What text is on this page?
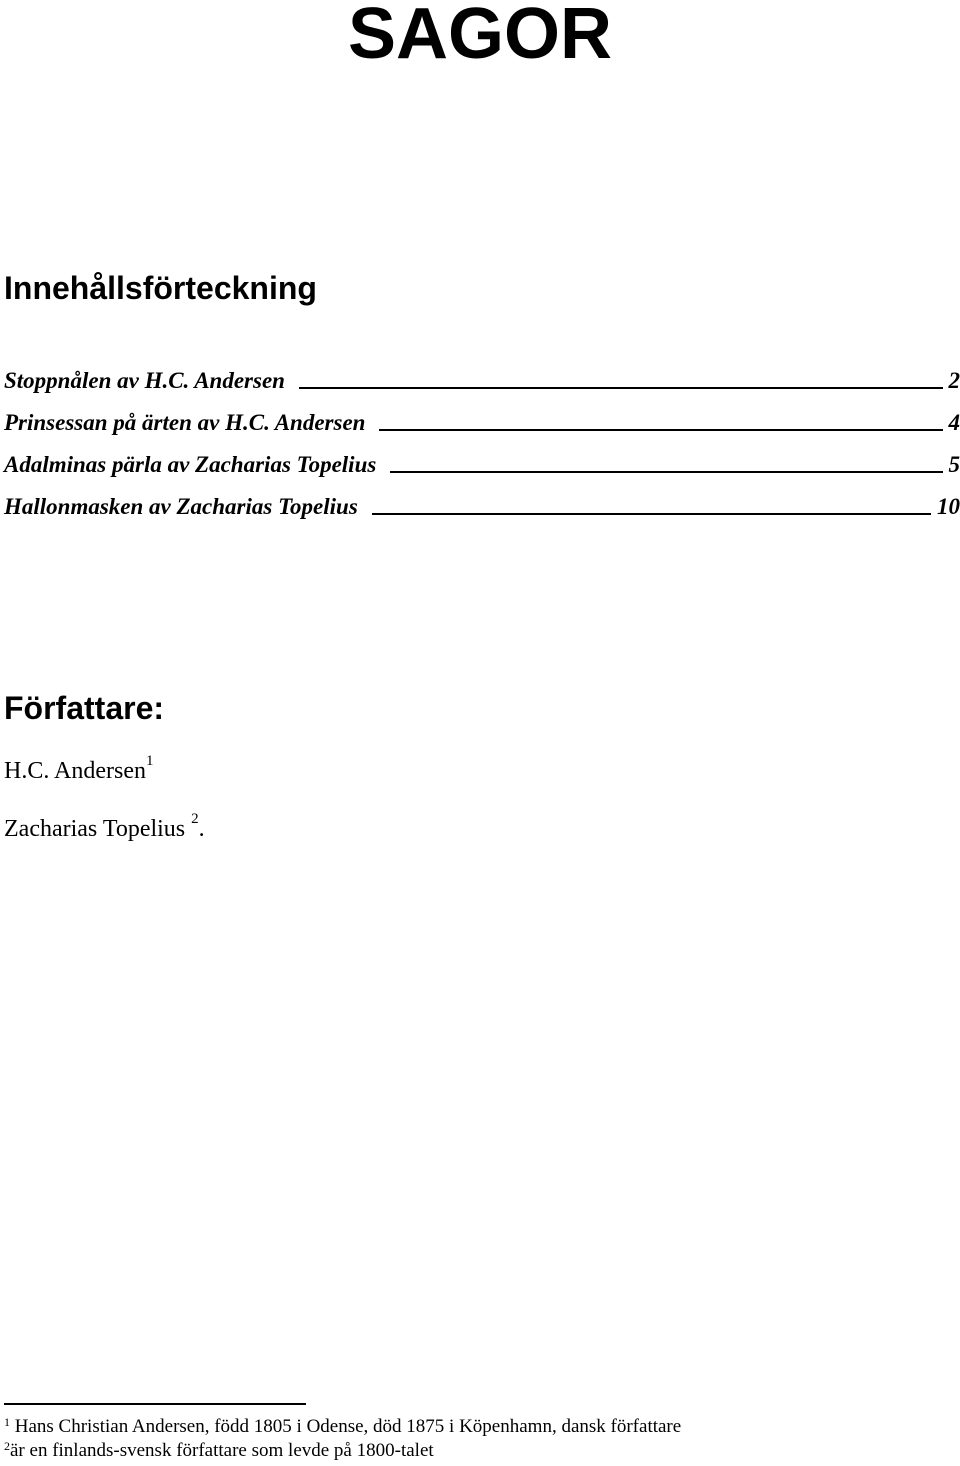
SAGOR
Innehållsförteckning
Stoppnålen av H.C. Andersen	2
Prinsessan på ärten av H.C. Andersen	4
Adalminas pärla av Zacharias Topelius	5
Hallonmasken av Zacharias Topelius	10
Författare:

H.C. Andersen$^1$

Zacharias Topelius $^2$.

$^1$ Hans Christian Andersen, född 1805 i Odense, död 1875 i Köpenhamn, dansk författare

$^2$är en finlands-svensk författare som levde på 1800-talet
